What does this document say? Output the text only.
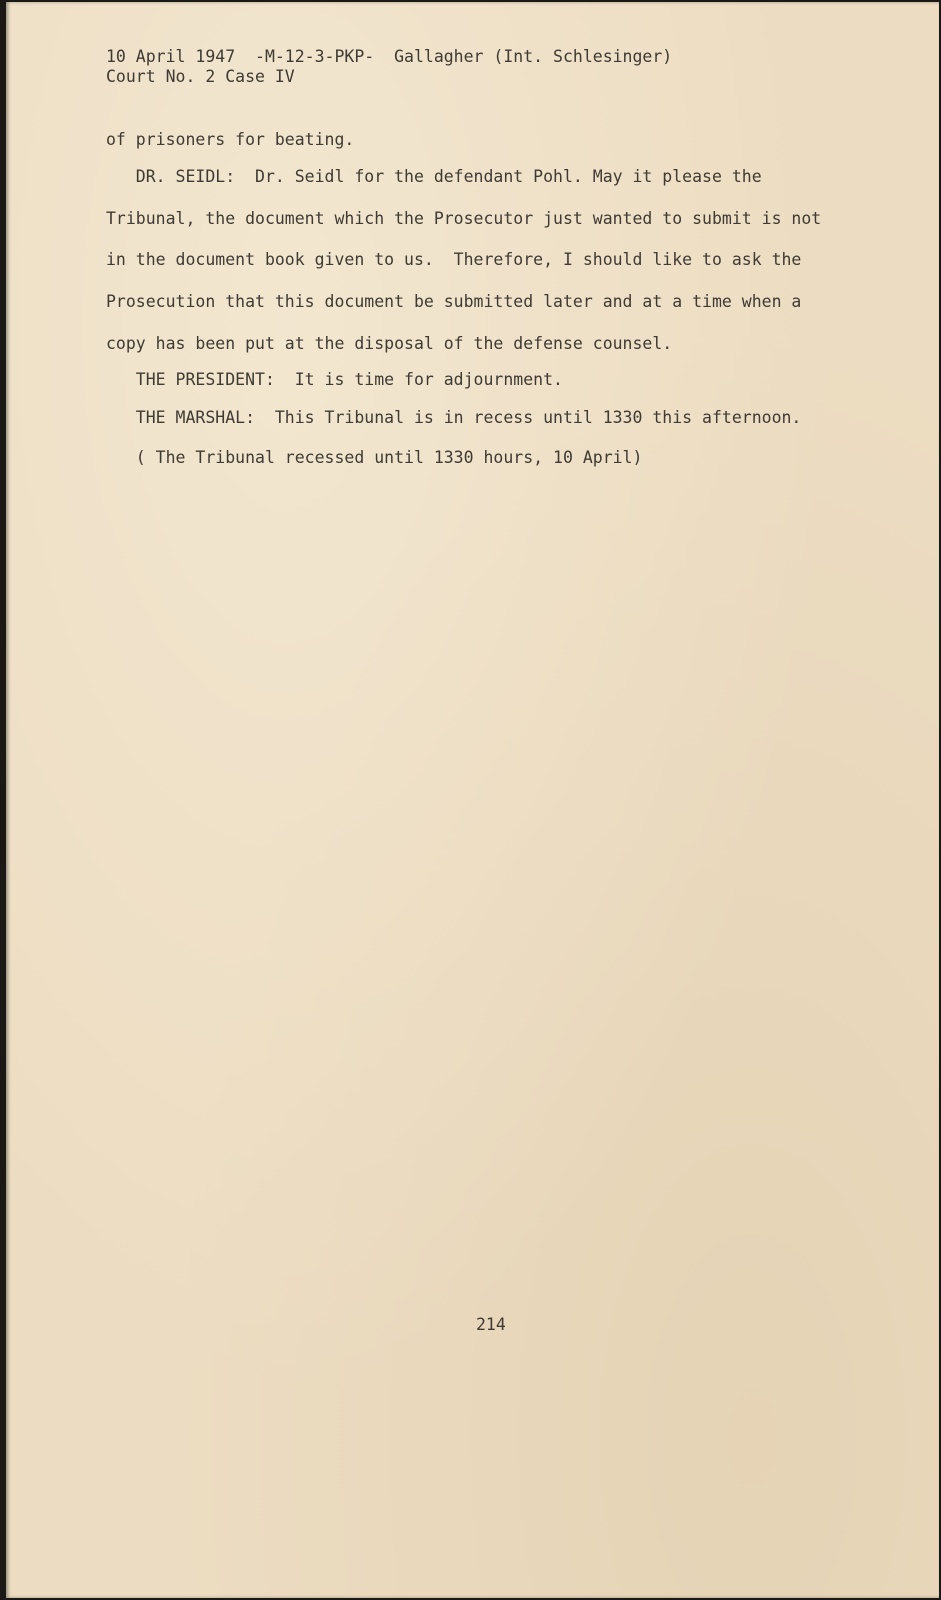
10 April 1947  -M-12-3-PKP-  Gallagher (Int. Schlesinger)

Court No. 2 Case IV

of prisoners for beating.

DR. SEIDL:  Dr. Seidl for the defendant Pohl. May it please the

Tribunal, the document which the Prosecutor just wanted to submit is not

in the document book given to us.  Therefore, I should like to ask the

Prosecution that this document be submitted later and at a time when a

copy has been put at the disposal of the defense counsel.

THE PRESIDENT:  It is time for adjournment.

THE MARSHAL:  This Tribunal is in recess until 1330 this afternoon.

( The Tribunal recessed until 1330 hours, 10 April)

214
